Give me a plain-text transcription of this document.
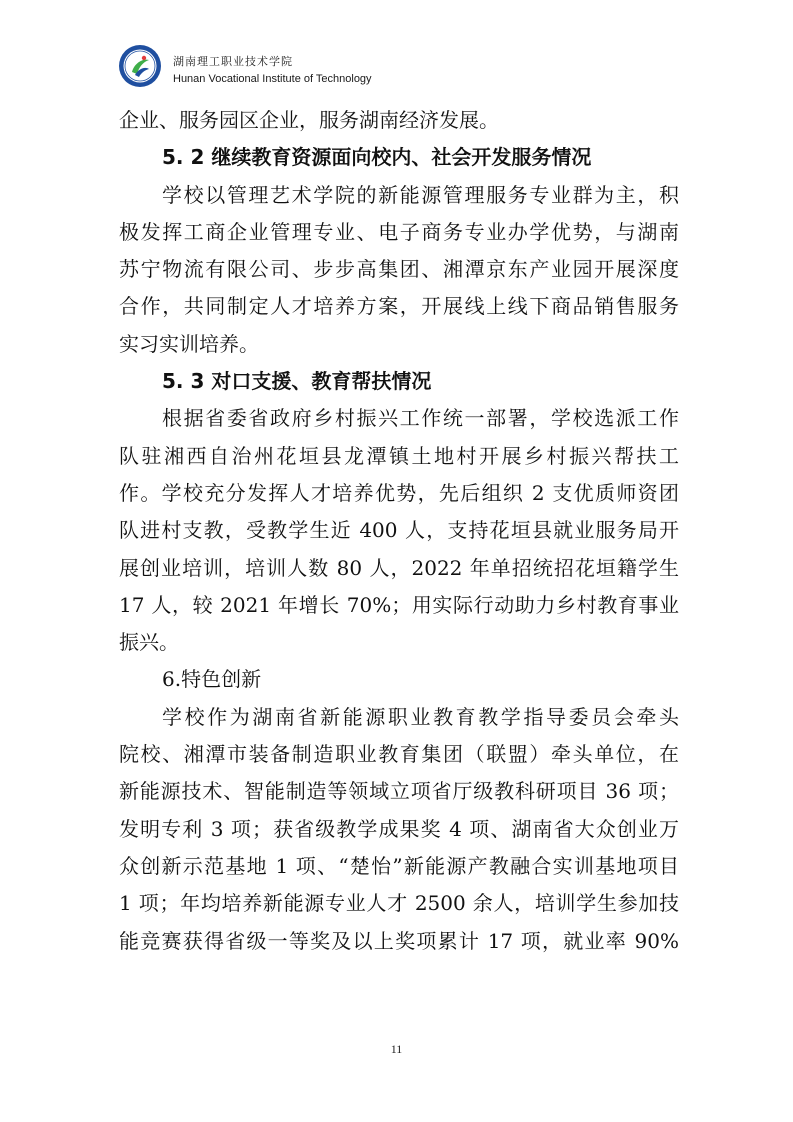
湖南理工职业技术学院
Hunan Vocational Institute of Technology

企业、服务园区企业，服务湖南经济发展。

5. 2 继续教育资源面向校内、社会开发服务情况

学校以管理艺术学院的新能源管理服务专业群为主，积

极发挥工商企业管理专业、电子商务专业办学优势，与湖南

苏宁物流有限公司、步步高集团、湘潭京东产业园开展深度

合作，共同制定人才培养方案，开展线上线下商品销售服务

实习实训培养。

5. 3 对口支援、教育帮扶情况

根据省委省政府乡村振兴工作统一部署，学校选派工作

队驻湘西自治州花垣县龙潭镇土地村开展乡村振兴帮扶工

作。学校充分发挥人才培养优势，先后组织 2 支优质师资团

队进村支教，受教学生近 400 人，支持花垣县就业服务局开

展创业培训，培训人数 80 人，2022 年单招统招花垣籍学生

17 人，较 2021 年增长 70%；用实际行动助力乡村教育事业

振兴。

6.特色创新

学校作为湖南省新能源职业教育教学指导委员会牵头

院校、湘潭市装备制造职业教育集团（联盟）牵头单位，在

新能源技术、智能制造等领域立项省厅级教科研项目 36 项；

发明专利 3 项；获省级教学成果奖 4 项、湖南省大众创业万

众创新示范基地 1 项、“楚怡”新能源产教融合实训基地项目

1 项；年均培养新能源专业人才 2500 余人，培训学生参加技

能竞赛获得省级一等奖及以上奖项累计 17 项，就业率 90%

11
